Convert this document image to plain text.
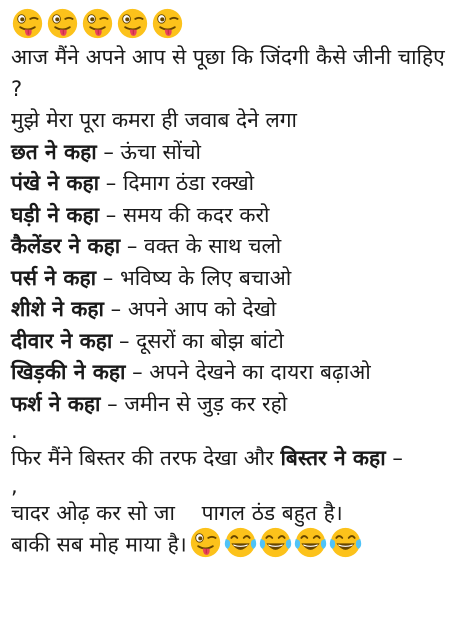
आज मैंने अपने आप से पूछा कि जिंदगी कैसे जीनी चाहिए ?
मुझे मेरा पूरा कमरा ही जवाब देने लगा
छत ने कहा – ऊंचा सोंचो
पंखे ने कहा – दिमाग ठंडा रक्खो
घड़ी ने कहा – समय की कदर करो
कैलेंडर ने कहा – वक्त के साथ चलो
पर्स ने कहा – भविष्य के लिए बचाओ
शीशे ने कहा – अपने आप को देखो
दीवार ने कहा – दूसरों का बोझ बांटो
खिड़की ने कहा – अपने देखने का दायरा बढ़ाओ
फर्श ने कहा – जमीन से जुड़ कर रहो
.
फिर मैंने बिस्तर की तरफ देखा और बिस्तर ने कहा –
,
चादर ओढ़ कर सो जा    पागल ठंड बहुत है।
बाकी सब मोह माया है।
